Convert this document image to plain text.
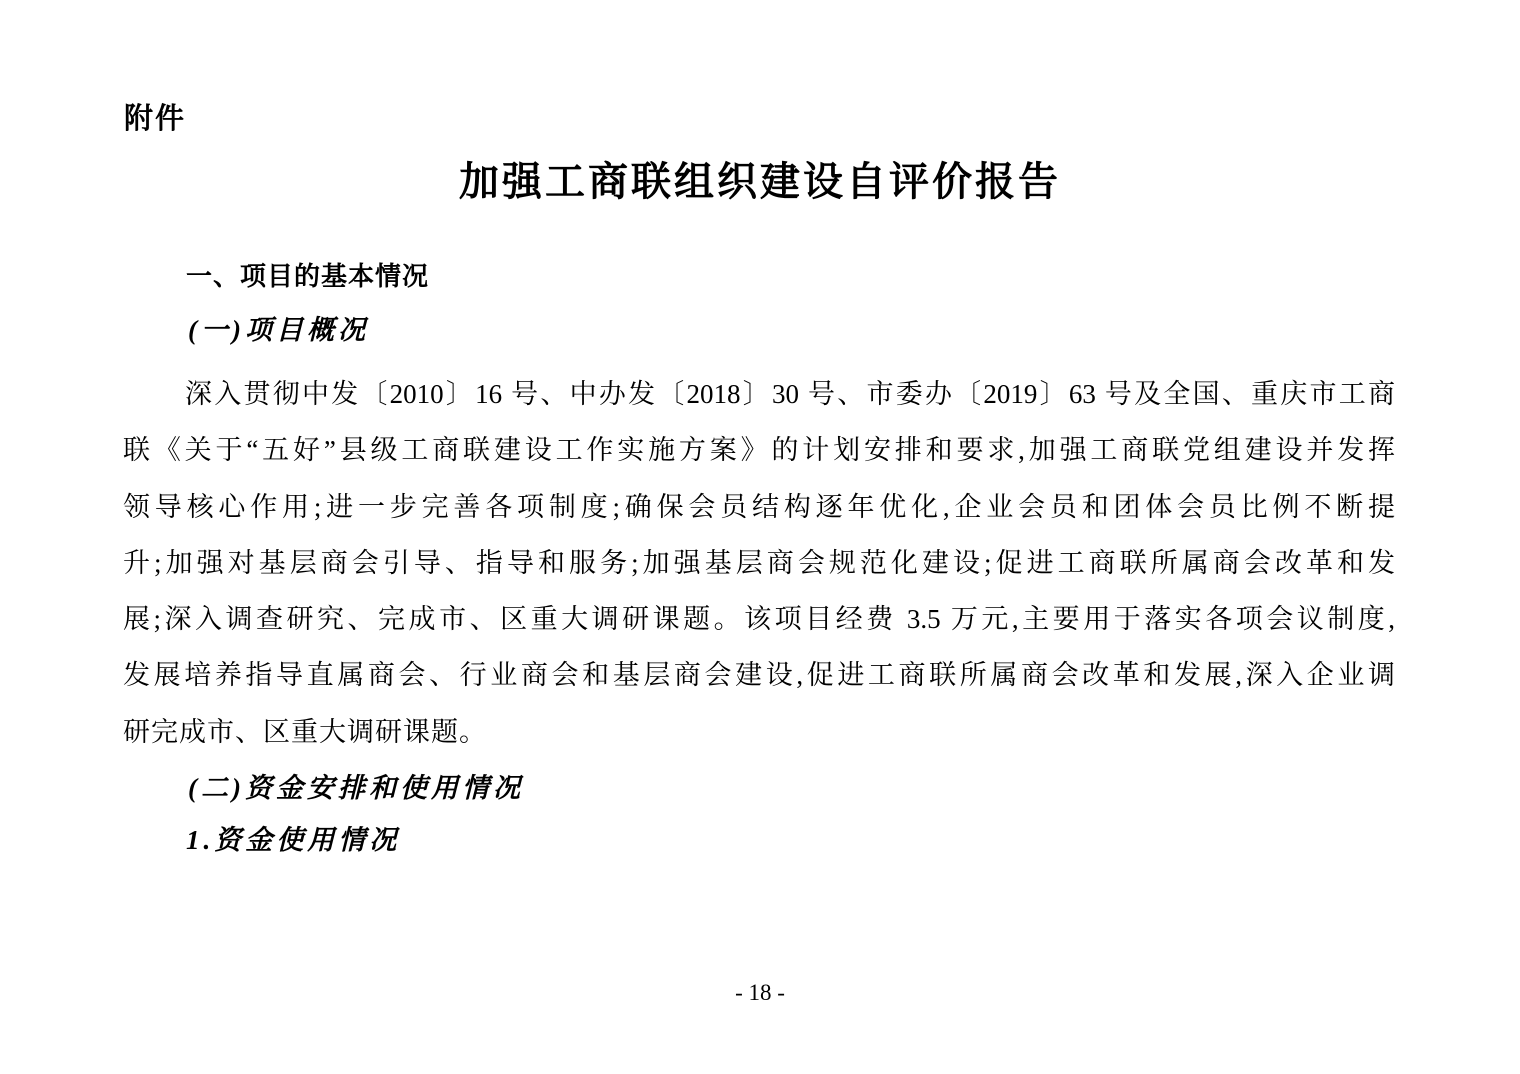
附件
加强工商联组织建设自评价报告
一、项目的基本情况
(一)项目概况
深入贯彻中发〔2010〕16 号、中办发〔2018〕30 号、市委办〔2019〕63 号及全国、重庆市工商
联《关于“五好”县级工商联建设工作实施方案》的计划安排和要求,加强工商联党组建设并发挥
领导核心作用;进一步完善各项制度;确保会员结构逐年优化,企业会员和团体会员比例不断提
升;加强对基层商会引导、指导和服务;加强基层商会规范化建设;促进工商联所属商会改革和发
展;深入调查研究、完成市、区重大调研课题。该项目经费 3.5 万元,主要用于落实各项会议制度,
发展培养指导直属商会、行业商会和基层商会建设,促进工商联所属商会改革和发展,深入企业调
研完成市、区重大调研课题。
(二)资金安排和使用情况
1.资金使用情况
- 18 -
